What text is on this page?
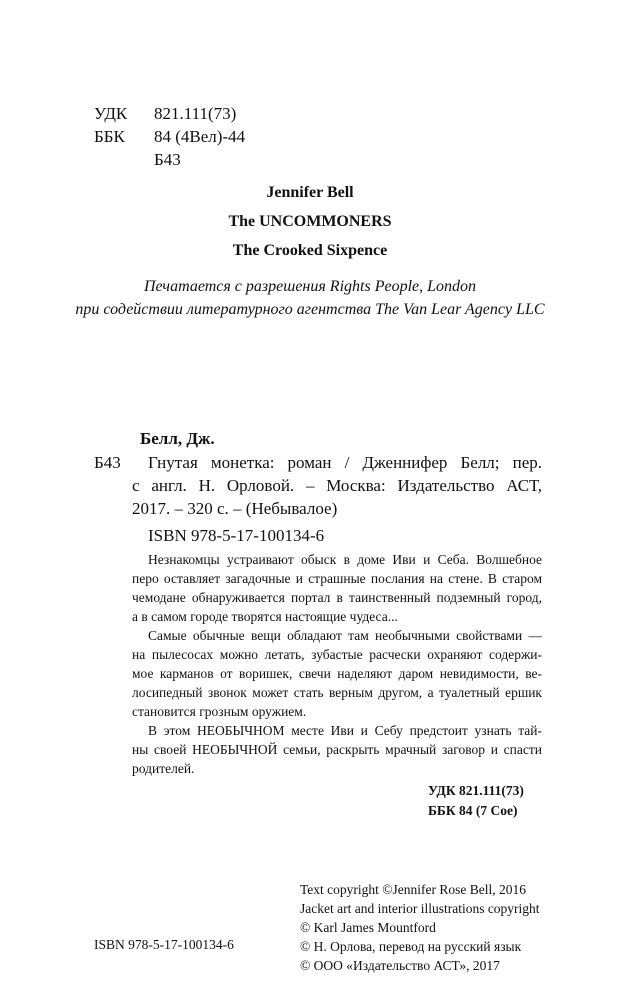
УДК 821.111(73)
ББК 84 (4Вел)-44
Б43
Jennifer Bell
The UNCOMMONERS
The Crooked Sixpence
Печатается с разрешения Rights People, London
при содействии литературного агентства The Van Lear Agency LLC
Белл, Дж.
Б43 Гнутая монетка: роман / Дженнифер Белл; пер.
с англ. Н. Орловой. – Москва: Издательство АСТ,
2017. – 320 с. – (Небывалое)
ISBN 978-5-17-100134-6
Незнакомцы устраивают обыск в доме Иви и Себа. Волшебное
перо оставляет загадочные и страшные послания на стене. В старом
чемодане обнаруживается портал в таинственный подземный город,
а в самом городе творятся настоящие чудеса...
Самые обычные вещи обладают там необычными свойствами —
на пылесосах можно летать, зубастые расчески охраняют содержи-
мое карманов от воришек, свечи наделяют даром невидимости, ве-
лосипедный звонок может стать верным другом, а туалетный ершик
становится грозным оружием.
В этом НЕОБЫЧНОМ месте Иви и Себу предстоит узнать тай-
ны своей НЕОБЫЧНОЙ семьи, раскрыть мрачный заговор и спасти
родителей.
УДК 821.111(73)
ББК 84 (7 Сое)
Text copyright ©Jennifer Rose Bell, 2016
Jacket art and interior illustrations copyright
© Karl James Mountford
© Н. Орлова, перевод на русский язык
© ООО «Издательство АСТ», 2017
ISBN 978-5-17-100134-6
